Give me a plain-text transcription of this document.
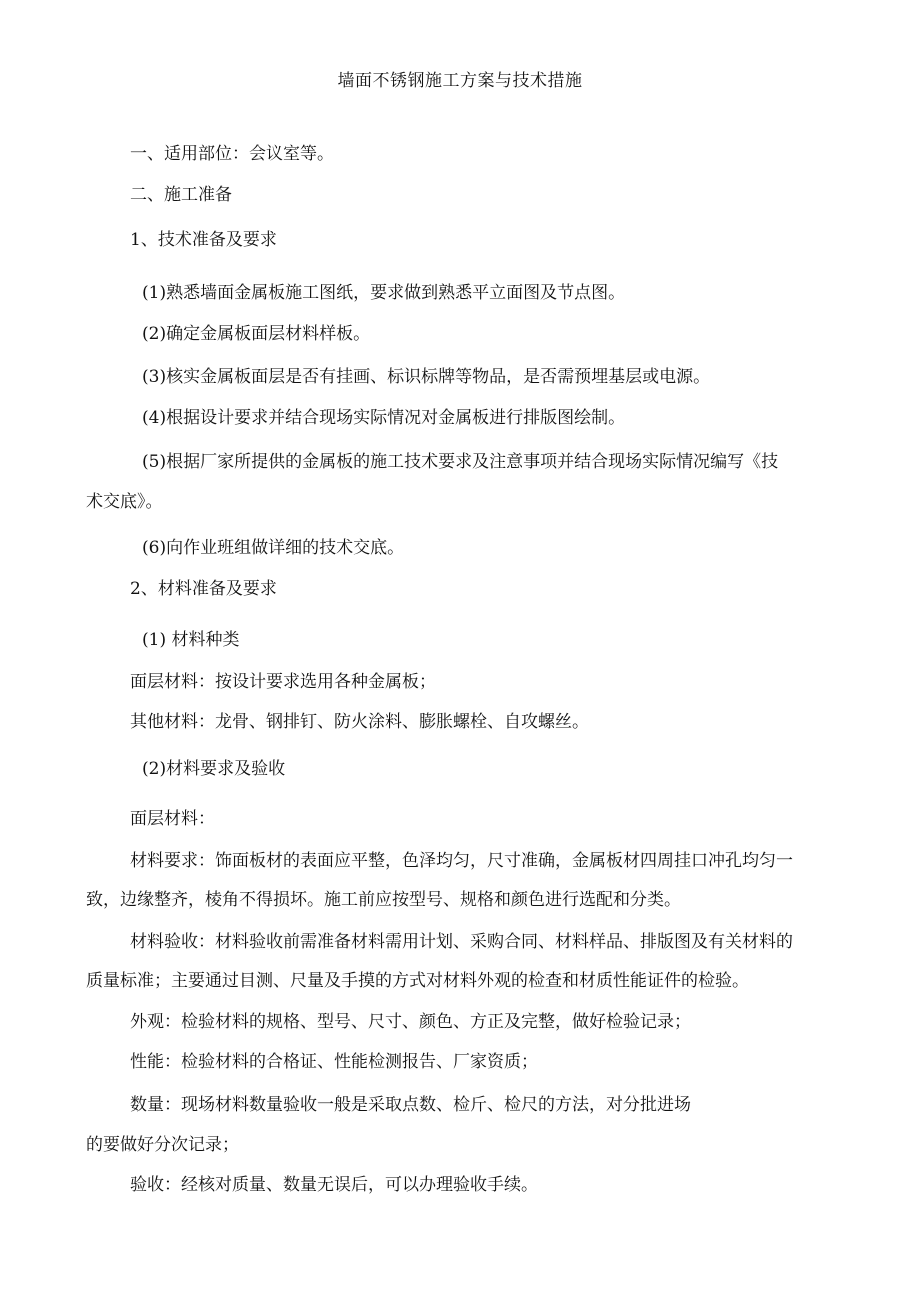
墙面不锈钢施工方案与技术措施
一、适用部位：会议室等。
二、施工准备
1、技术准备及要求
(1)熟悉墙面金属板施工图纸，要求做到熟悉平立面图及节点图。
(2)确定金属板面层材料样板。
(3)核实金属板面层是否有挂画、标识标牌等物品，是否需预埋基层或电源。
(4)根据设计要求并结合现场实际情况对金属板进行排版图绘制。
(5)根据厂家所提供的金属板的施工技术要求及注意事项并结合现场实际情况编写《技
术交底》。
(6)向作业班组做详细的技术交底。
2、材料准备及要求
(1) 材料种类
面层材料：按设计要求选用各种金属板；
其他材料：龙骨、钢排钉、防火涂料、膨胀螺栓、自攻螺丝。
(2)材料要求及验收
面层材料：
材料要求：饰面板材的表面应平整，色泽均匀，尺寸准确，金属板材四周挂口冲孔均匀一
致，边缘整齐，棱角不得损坏。施工前应按型号、规格和颜色进行选配和分类。
材料验收：材料验收前需准备材料需用计划、采购合同、材料样品、排版图及有关材料的
质量标准；主要通过目测、尺量及手摸的方式对材料外观的检查和材质性能证件的检验。
外观：检验材料的规格、型号、尺寸、颜色、方正及完整，做好检验记录；
性能：检验材料的合格证、性能检测报告、厂家资质；
数量：现场材料数量验收一般是采取点数、检斤、检尺的方法，对分批进场
的要做好分次记录；
验收：经核对质量、数量无误后，可以办理验收手续。
